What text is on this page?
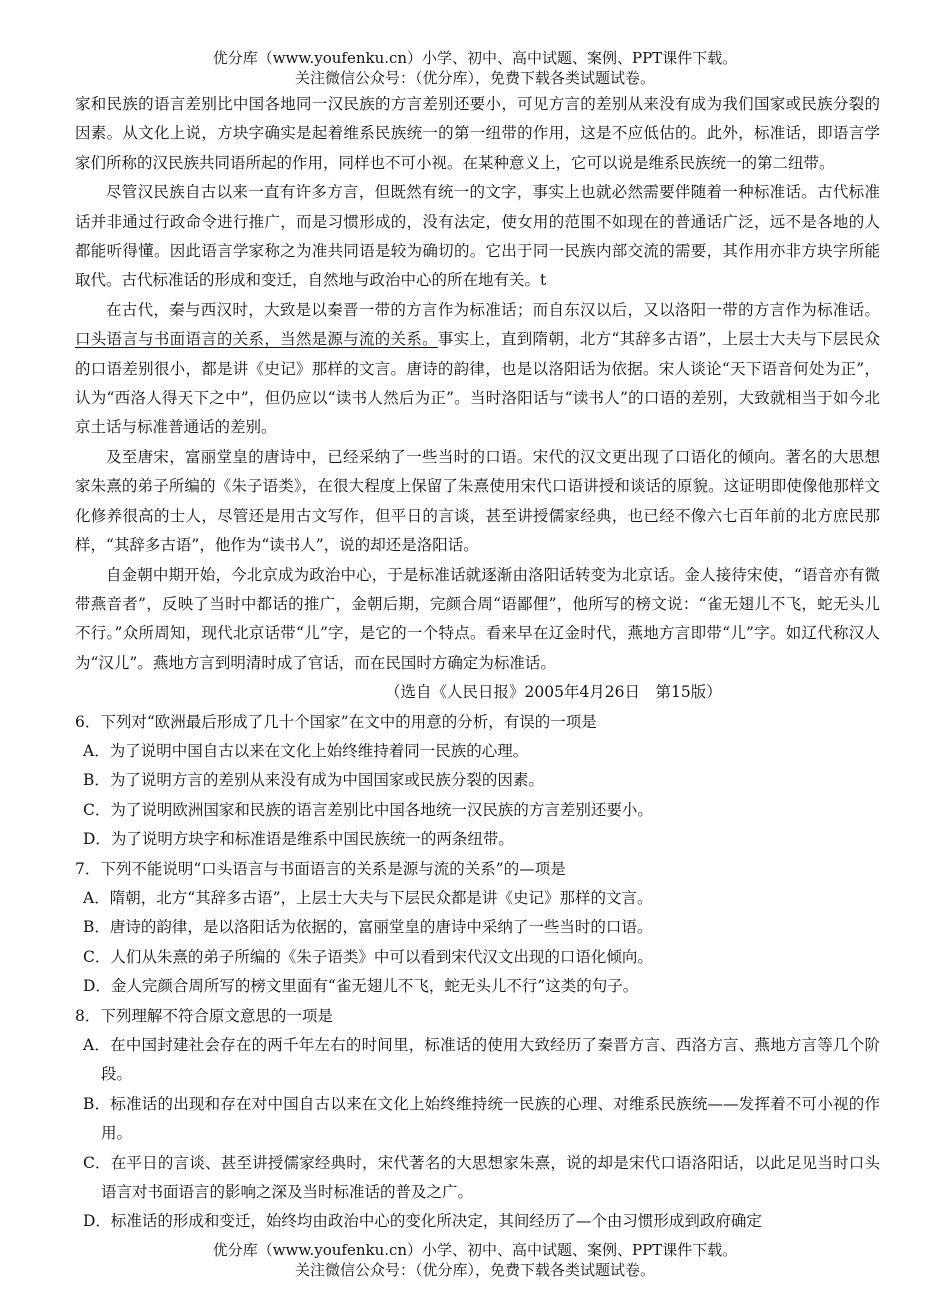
优分库（www.youfenku.cn）小学、初中、高中试题、案例、PPT课件下载。
关注微信公众号：（优分库），免费下载各类试题试卷。

家和民族的语言差别比中国各地同一汉民族的方言差别还要小，可见方言的差别从来没有成为我们国家或民族分裂的因素。从文化上说，方块字确实是起着维系民族统一的第一纽带的作用，这是不应低估的。此外，标准话，即语言学家们所称的汉民族共同语所起的作用，同样也不可小视。在某种意义上，它可以说是维系民族统一的第二纽带。

尽管汉民族自古以来一直有许多方言，但既然有统一的文字，事实上也就必然需要伴随着一种标准话。古代标准话并非通过行政命令进行推广，而是习惯形成的，没有法定，使女用的范围不如现在的普通话广泛，远不是各地的人都能听得懂。因此语言学家称之为准共同语是较为确切的。它出于同一民族内部交流的需要，其作用亦非方块字所能取代。古代标准话的形成和变迁，自然地与政治中心的所在地有关。t

在古代，秦与西汉时，大致是以秦晋一带的方言作为标准话；而自东汉以后，又以洛阳一带的方言作为标准话。口头语言与书面语言的关系，当然是源与流的关系。事实上，直到隋朝，北方“其辞多古语”，上层士大夫与下层民众的口语差别很小，都是讲《史记》那样的文言。唐诗的韵律，也是以洛阳话为依据。宋人谈论“天下语音何处为正”，认为“西洛人得天下之中”，但仍应以“读书人然后为正”。当时洛阳话与“读书人”的口语的差别，大致就相当于如今北京土话与标准普通话的差别。

及至唐宋，富丽堂皇的唐诗中，已经采纳了一些当时的口语。宋代的汉文更出现了口语化的倾向。著名的大思想家朱熹的弟子所编的《朱子语类》，在很大程度上保留了朱熹使用宋代口语讲授和谈话的原貌。这证明即使像他那样文化修养很高的士人，尽管还是用古文写作，但平日的言谈，甚至讲授儒家经典，也已经不像六七百年前的北方庶民那样，“其辞多古语”，他作为“读书人”，说的却还是洛阳话。

自金朝中期开始，今北京成为政治中心，于是标准话就逐渐由洛阳话转变为北京话。金人接待宋使，“语音亦有微带燕音者”，反映了当时中都话的推广，金朝后期，完颜合周“语鄙俚”，他所写的榜文说：“雀无翅儿不飞，蛇无头儿不行。”众所周知，现代北京话带“儿”字，是它的一个特点。看来早在辽金时代，燕地方言即带“儿”字。如辽代称汉人为“汉儿”。燕地方言到明清时成了官话，而在民国时方确定为标准话。

（选自《人民日报》2005年4月26日　第15版）

6．下列对“欧洲最后形成了几十个国家”在文中的用意的分析，有误的一项是

A．为了说明中国自古以来在文化上始终维持着同一民族的心理。

B．为了说明方言的差别从来没有成为中国国家或民族分裂的因素。

C．为了说明欧洲国家和民族的语言差别比中国各地统一汉民族的方言差别还要小。

D．为了说明方块字和标准语是维系中国民族统一的两条纽带。

7．下列不能说明“口头语言与书面语言的关系是源与流的关系”的—项是

A．隋朝，北方“其辞多古语”，上层士大夫与下层民众都是讲《史记》那样的文言。

B．唐诗的韵律，是以洛阳话为依据的，富丽堂皇的唐诗中采纳了一些当时的口语。

C．人们从朱熹的弟子所编的《朱子语类》中可以看到宋代汉文出现的口语化倾向。

D．金人完颜合周所写的榜文里面有“雀无翅儿不飞，蛇无头儿不行”这类的句子。

8．下列理解不符合原文意思的一项是

A．在中国封建社会存在的两千年左右的时间里，标准话的使用大致经历了秦晋方言、西洛方言、燕地方言等几个阶段。

B．标准话的出现和存在对中国自古以来在文化上始终维持统一民族的心理、对维系民族统——发挥着不可小视的作用。

C．在平日的言谈、甚至讲授儒家经典时，宋代著名的大思想家朱熹，说的却是宋代口语洛阳话，以此足见当时口头语言对书面语言的影响之深及当时标准话的普及之广。

D．标准话的形成和变迁，始终均由政治中心的变化所决定，其间经历了—个由习惯形成到政府确定

优分库（www.youfenku.cn）小学、初中、高中试题、案例、PPT课件下载。
关注微信公众号：（优分库），免费下载各类试题试卷。
